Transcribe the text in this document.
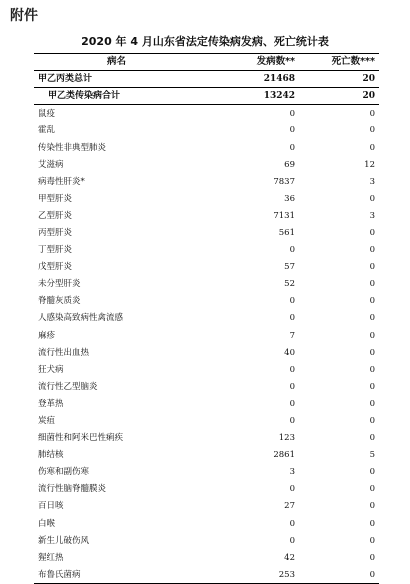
附件
2020 年 4 月山东省法定传染病发病、死亡统计表
病名	发病数**	死亡数***
甲乙丙类总计	21468	20
甲乙类传染病合计	13242	20
鼠疫	0	0
霍乱	0	0
传染性非典型肺炎	0	0
艾滋病	69	12
病毒性肝炎*	7837	3
甲型肝炎	36	0
乙型肝炎	7131	3
丙型肝炎	561	0
丁型肝炎	0	0
戊型肝炎	57	0
未分型肝炎	52	0
脊髓灰质炎	0	0
人感染高致病性禽流感	0	0
麻疹	7	0
流行性出血热	40	0
狂犬病	0	0
流行性乙型脑炎	0	0
登革热	0	0
炭疽	0	0
细菌性和阿米巴性痢疾	123	0
肺结核	2861	5
伤寒和副伤寒	3	0
流行性脑脊髓膜炎	0	0
百日咳	27	0
白喉	0	0
新生儿破伤风	0	0
猩红热	42	0
布鲁氏菌病	253	0
